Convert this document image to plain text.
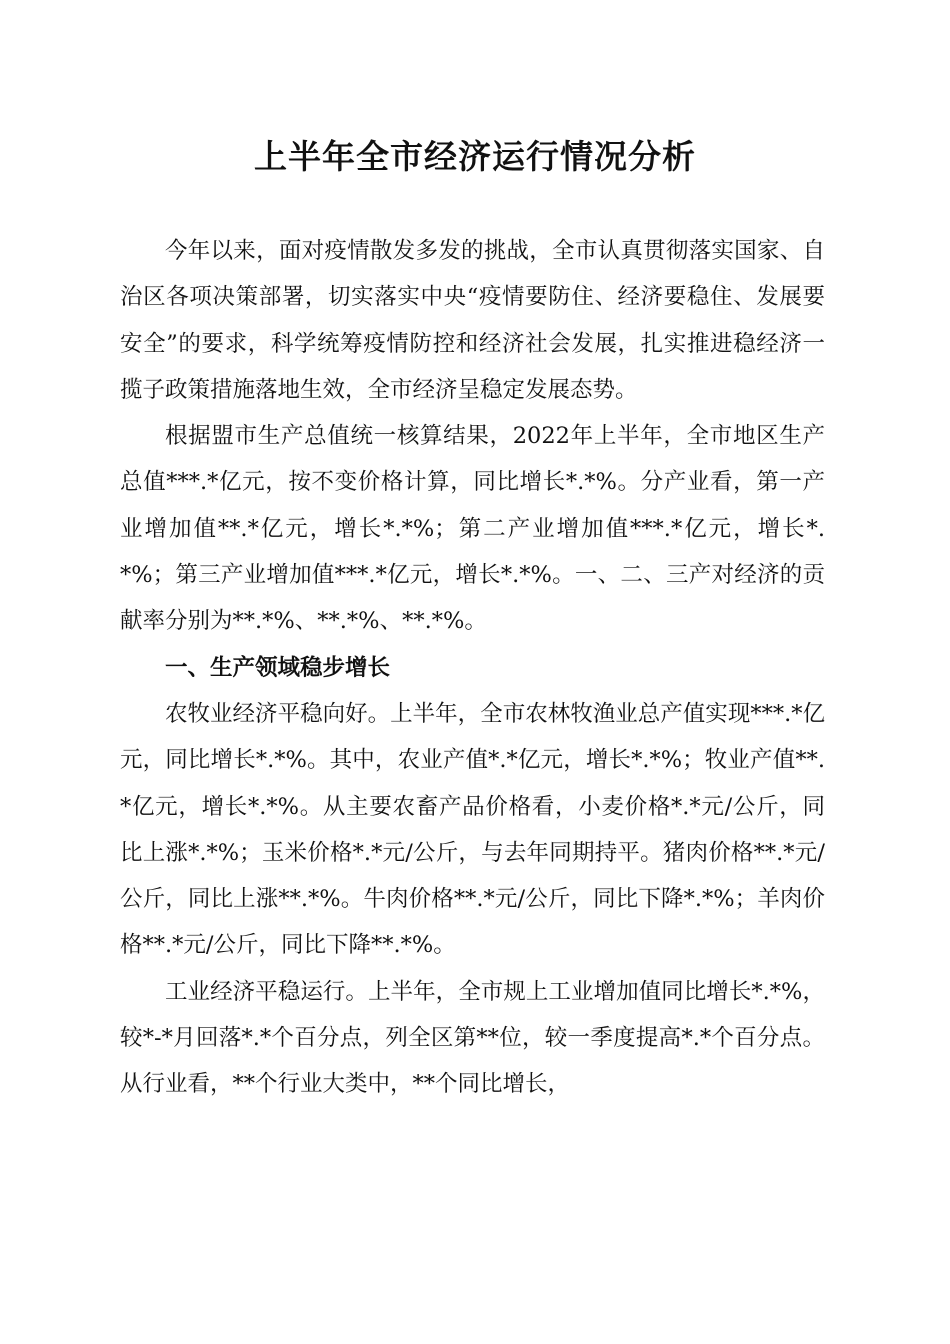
上半年全市经济运行情况分析

今年以来，面对疫情散发多发的挑战，全市认真贯彻落实国家、自治区各项决策部署，切实落实中央“疫情要防住、经济要稳住、发展要安全”的要求，科学统筹疫情防控和经济社会发展，扎实推进稳经济一揽子政策措施落地生效，全市经济呈稳定发展态势。

根据盟市生产总值统一核算结果，2022年上半年，全市地区生产总值***.*亿元，按不变价格计算，同比增长*.*%。分产业看，第一产业增加值**.*亿元，增长*.*%；第二产业增加值***.*亿元，增长*.*%；第三产业增加值***.*亿元，增长*.*%。一、二、三产对经济的贡献率分别为**.*%、**.*%、**.*%。

一、生产领域稳步增长

农牧业经济平稳向好。上半年，全市农林牧渔业总产值实现***.*亿元，同比增长*.*%。其中，农业产值*.*亿元，增长*.*%；牧业产值**.*亿元，增长*.*%。从主要农畜产品价格看，小麦价格*.*元/公斤，同比上涨*.*%；玉米价格*.*元/公斤，与去年同期持平。猪肉价格**.*元/公斤，同比上涨**.*%。牛肉价格**.*元/公斤，同比下降*.*%；羊肉价格**.*元/公斤，同比下降**.*%。

工业经济平稳运行。上半年，全市规上工业增加值同比增长*.*%，较*-*月回落*.*个百分点，列全区第**位，较一季度提高*.*个百分点。从行业看，**个行业大类中，**个同比增长，
